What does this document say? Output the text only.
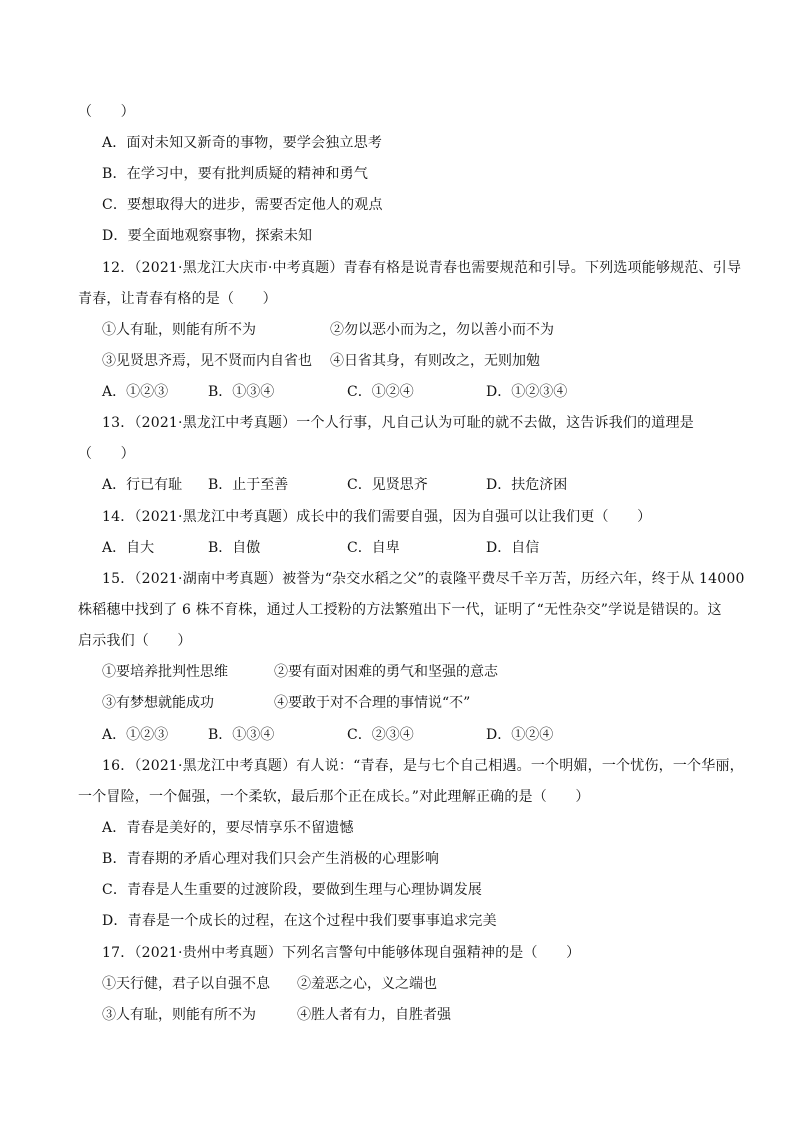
（　　）
A．面对未知又新奇的事物，要学会独立思考
B．在学习中，要有批判质疑的精神和勇气
C．要想取得大的进步，需要否定他人的观点
D．要全面地观察事物，探索未知
12．（2021·黑龙江大庆市·中考真题）青春有格是说青春也需要规范和引导。下列选项能够规范、引导
青春，让青春有格的是（　　）
①人有耻，则能有所不为	②勿以恶小而为之，勿以善小而不为
③见贤思齐焉，见不贤而内自省也 ④日省其身，有则改之，无则加勉
A．①②③	B．①③④	C．①②④	D．①②③④
13．（2021·黑龙江中考真题）一个人行事，凡自己认为可耻的就不去做，这告诉我们的道理是
（　　）
A．行已有耻 B．止于至善	C．见贤思齐	D．扶危济困
14．（2021·黑龙江中考真题）成长中的我们需要自强，因为自强可以让我们更（　　）
A．自大	B．自傲	C．自卑	D．自信
15．（2021·湖南中考真题）被誉为“杂交水稻之父”的袁隆平费尽千辛万苦，历经六年，终于从 14000
株稻穗中找到了 6 株不育株，通过人工授粉的方法繁殖出下一代，证明了“无性杂交”学说是错误的。这
启示我们（　　）
①要培养批判性思维	②要有面对困难的勇气和坚强的意志
③有梦想就能成功	④要敢于对不合理的事情说“不”
A．①②③	B．①③④	C．②③④	D．①②④
16．（2021·黑龙江中考真题）有人说：“青春，是与七个自己相遇。一个明媚，一个忧伤，一个华丽，
一个冒险，一个倔强，一个柔软，最后那个正在成长。”对此理解正确的是（　　）
A．青春是美好的，要尽情享乐不留遗憾
B．青春期的矛盾心理对我们只会产生消极的心理影响
C．青春是人生重要的过渡阶段，要做到生理与心理协调发展
D．青春是一个成长的过程，在这个过程中我们要事事追求完美
17．（2021·贵州中考真题）下列名言警句中能够体现自强精神的是（　　）
①天行健，君子以自强不息 ②羞恶之心，义之端也
③人有耻，则能有所不为	④胜人者有力，自胜者强
